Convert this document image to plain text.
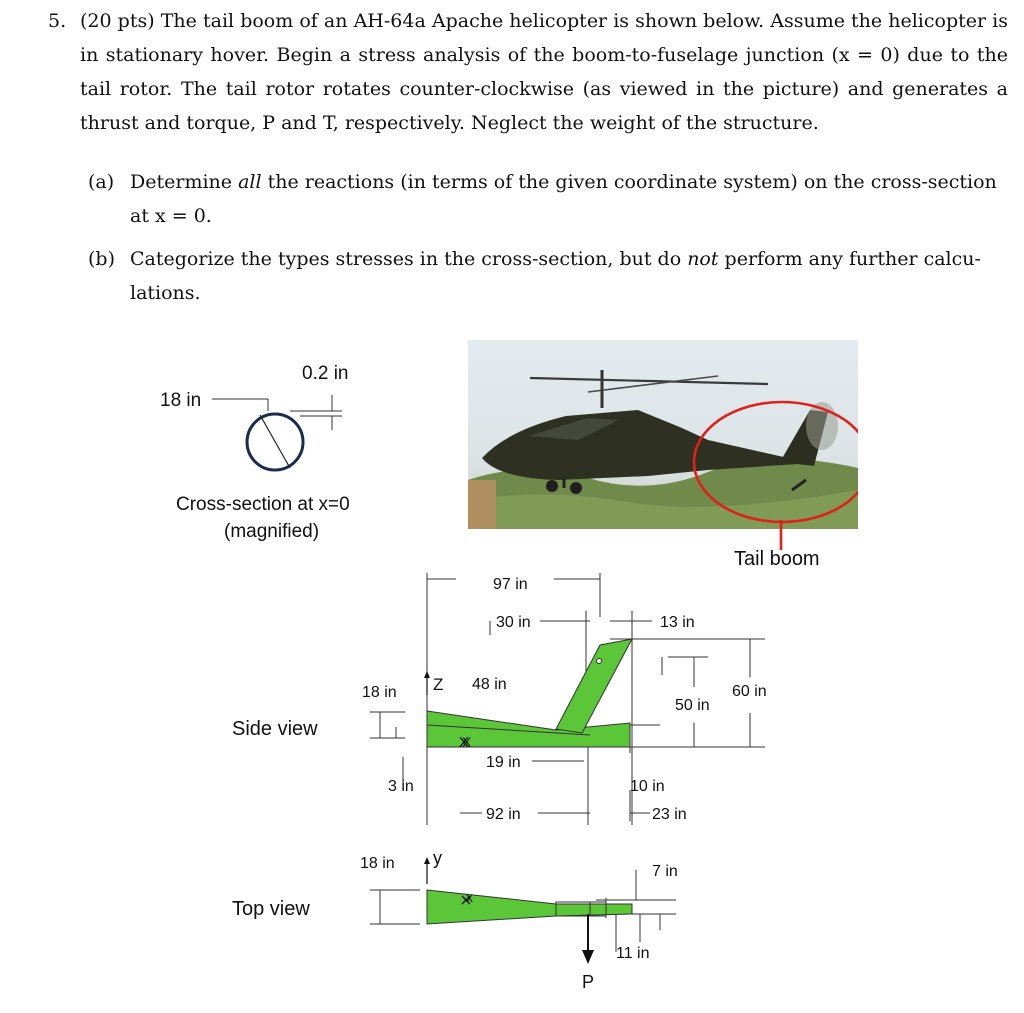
5. (20 pts) The tail boom of an AH-64a Apache helicopter is shown below. Assume the helicopter is in stationary hover. Begin a stress analysis of the boom-to-fuselage junction (x = 0) due to the tail rotor. The tail rotor rotates counter-clockwise (as viewed in the picture) and generates a thrust and torque, P and T, respectively. Neglect the weight of the structure.
(a) Determine all the reactions (in terms of the given coordinate system) on the cross-section at x = 0.
(b) Categorize the types stresses in the cross-section, but do not perform any further calcu- lations.
18 in
0.2 in
Cross-section at x=0
(magnified)
Tail boom
Z
X
Side view
97 in
30 in	13 in
48 in
18 in
50 in
60 in
19 in
3 in	10 in
92 in	23 in
Top view
y
x
18 in	7 in
11 in
P
